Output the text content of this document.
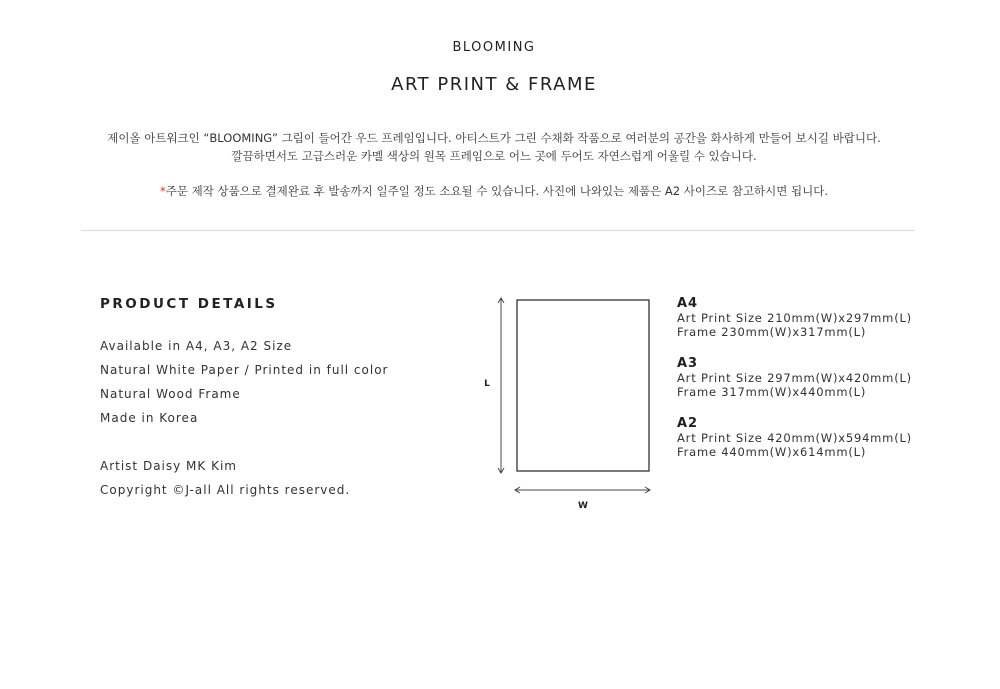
BLOOMING
ART PRINT & FRAME
제이올 아트워크인 “BLOOMING” 그림이 들어간 우드 프레임입니다. 아티스트가 그린 수채화 작품으로 여러분의 공간을 화사하게 만들어 보시길 바랍니다.
깔끔하면서도 고급스러운 카멜 색상의 원목 프레임으로 어느 곳에 두어도 자연스럽게 어울릴 수 있습니다.
*주문 제작 상품으로 결제완료 후 발송까지 일주일 정도 소요될 수 있습니다. 사진에 나와있는 제품은 A2 사이즈로 참고하시면 됩니다.
PRODUCT DETAILS
Available in A4, A3, A2 Size
Natural White Paper / Printed in full color
Natural Wood Frame
Made in Korea
Artist Daisy MK Kim
Copyright ©J-all All rights reserved.
L
W
A4
Art Print Size 210mm(W)x297mm(L)
Frame 230mm(W)x317mm(L)
A3
Art Print Size 297mm(W)x420mm(L)
Frame 317mm(W)x440mm(L)
A2
Art Print Size 420mm(W)x594mm(L)
Frame 440mm(W)x614mm(L)
